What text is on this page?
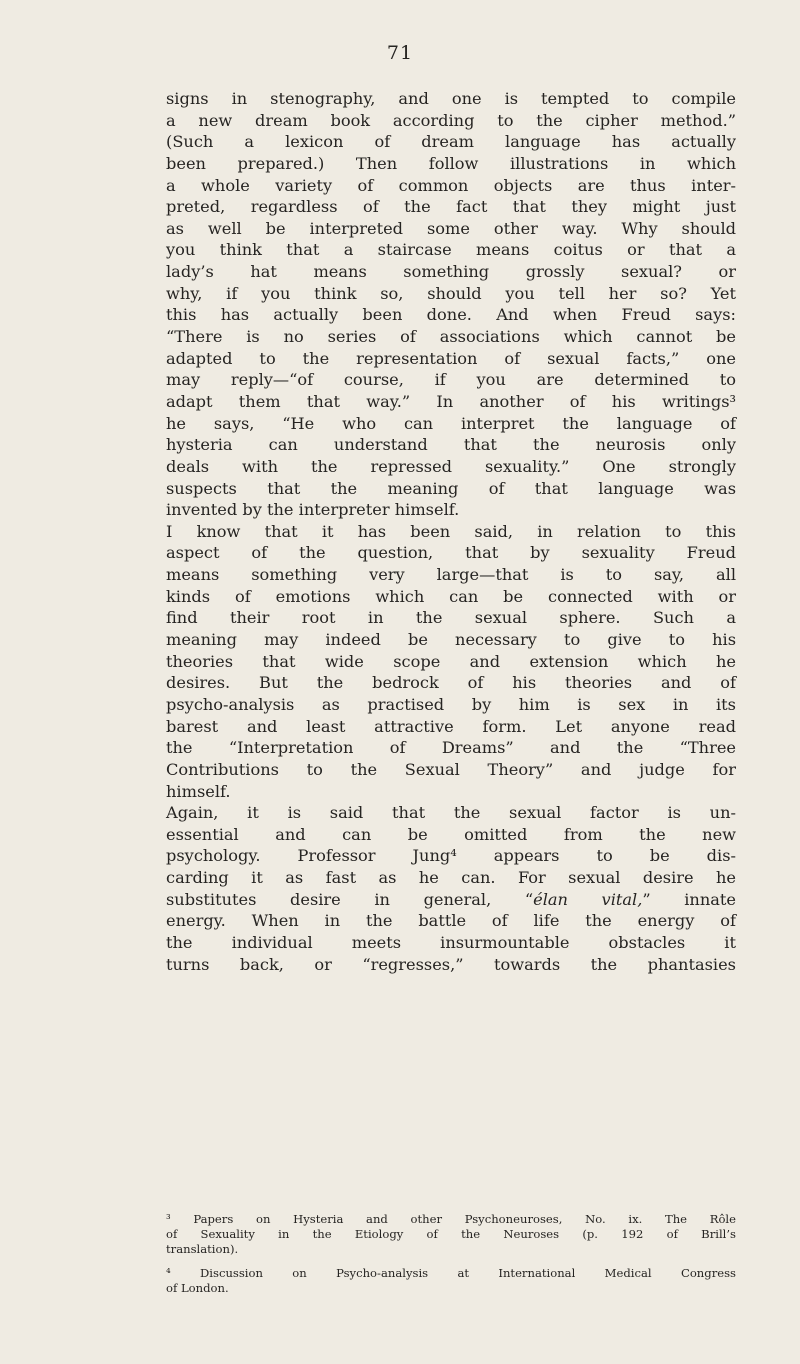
71
signs in stenography, and one is tempted to compile
a new dream book according to the cipher method.”
(Such a lexicon of dream language has actually
been prepared.) Then follow illustrations in which
a whole variety of common objects are thus inter-
preted, regardless of the fact that they might just
as well be interpreted some other way. Why should
you think that a staircase means coitus or that a
lady’s hat means something grossly sexual? or
why, if you think so, should you tell her so? Yet
this has actually been done. And when Freud says:
“There is no series of associations which cannot be
adapted to the representation of sexual facts,” one
may reply—“of course, if you are determined to
adapt them that way.” In another of his writings³
he says, “He who can interpret the language of
hysteria can understand that the neurosis only
deals with the repressed sexuality.” One strongly
suspects that the meaning of that language was
invented by the interpreter himself.
I know that it has been said, in relation to this
aspect of the question, that by sexuality Freud
means something very large—that is to say, all
kinds of emotions which can be connected with or
find their root in the sexual sphere. Such a
meaning may indeed be necessary to give to his
theories that wide scope and extension which he
desires. But the bedrock of his theories and of
psycho-analysis as practised by him is sex in its
barest and least attractive form. Let anyone read
the “Interpretation of Dreams” and the “Three
Contributions to the Sexual Theory” and judge for
himself.
Again, it is said that the sexual factor is un-
essential and can be omitted from the new
psychology. Professor Jung⁴ appears to be dis-
carding it as fast as he can. For sexual desire he
substitutes desire in general, “élan vital,” innate
energy. When in the battle of life the energy of
the individual meets insurmountable obstacles it
turns back, or “regresses,” towards the phantasies
³ Papers on Hysteria and other Psychoneuroses, No. ix. The Rôle
of Sexuality in the Etiology of the Neuroses (p. 192 of Brill’s
translation).
⁴ Discussion on Psycho-analysis at International Medical Congress
of London.
